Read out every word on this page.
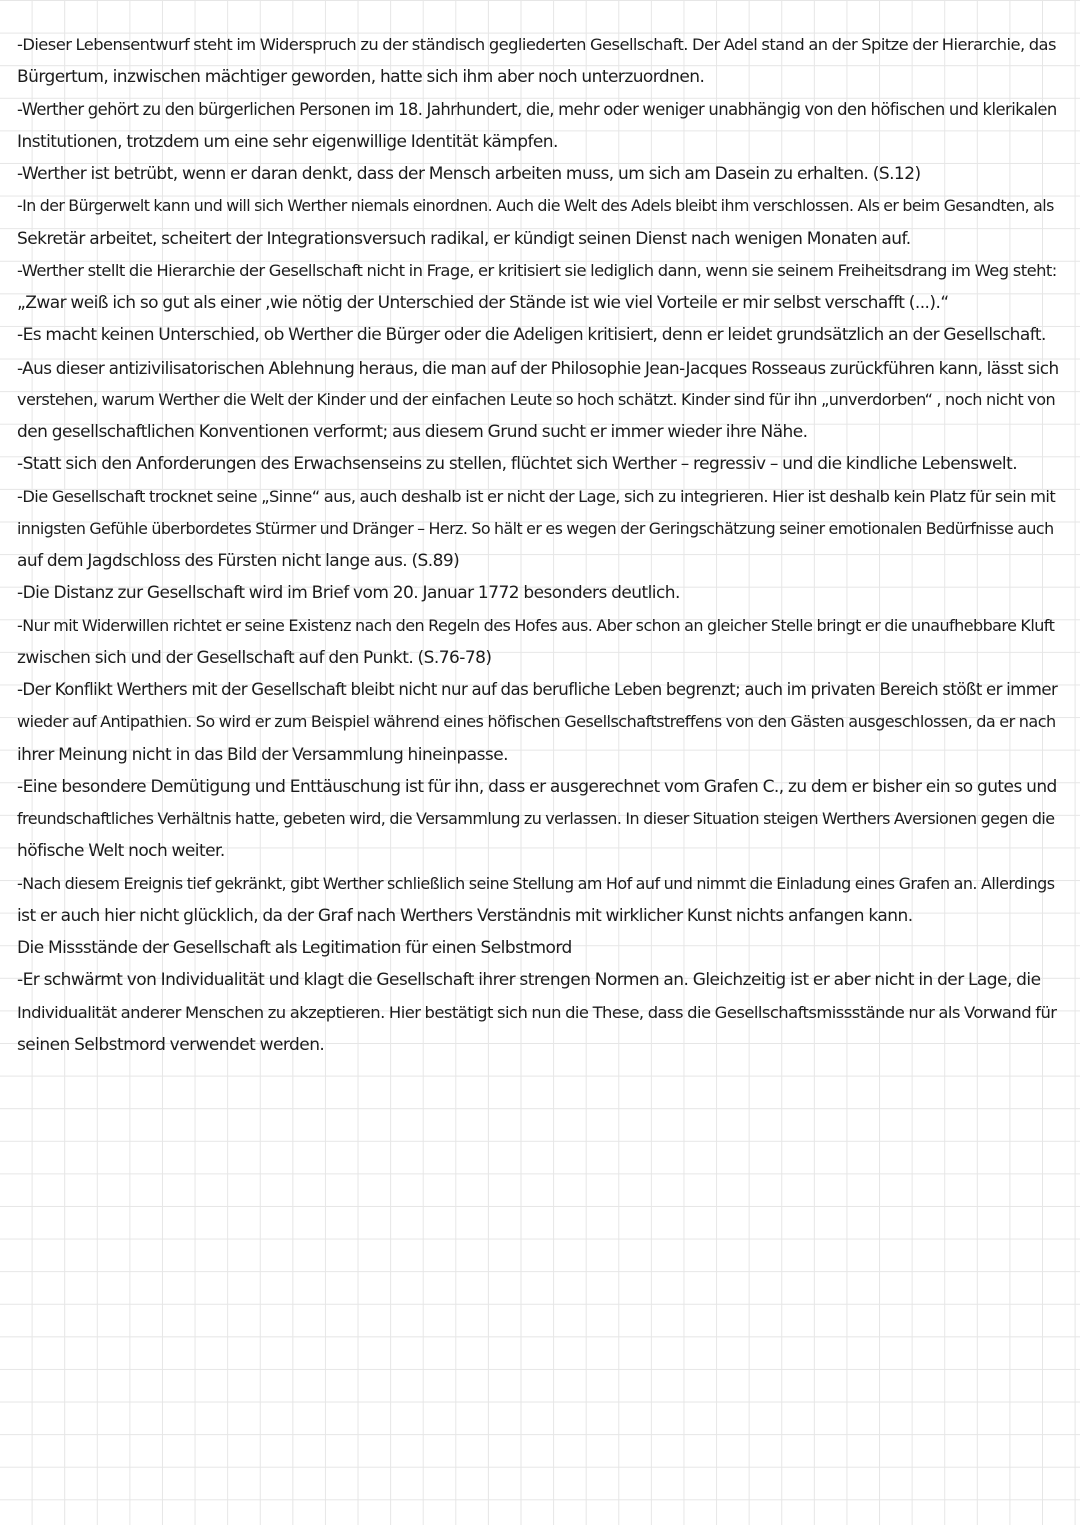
-Dieser Lebensentwurf steht im Widerspruch zu der ständisch gegliederten Gesellschaft. Der Adel stand an der Spitze der Hierarchie, das
Bürgertum, inzwischen mächtiger geworden, hatte sich ihm aber noch unterzuordnen.
-Werther gehört zu den bürgerlichen Personen im 18. Jahrhundert, die, mehr oder weniger unabhängig von den höfischen und klerikalen
Institutionen, trotzdem um eine sehr eigenwillige Identität kämpfen.
-Werther ist betrübt, wenn er daran denkt, dass der Mensch arbeiten muss, um sich am Dasein zu erhalten. (S.12)
-In der Bürgerwelt kann und will sich Werther niemals einordnen. Auch die Welt des Adels bleibt ihm verschlossen. Als er beim Gesandten, als
Sekretär arbeitet, scheitert der Integrationsversuch radikal, er kündigt seinen Dienst nach wenigen Monaten auf.
-Werther stellt die Hierarchie der Gesellschaft nicht in Frage, er kritisiert sie lediglich dann, wenn sie seinem Freiheitsdrang im Weg steht:
„Zwar weiß ich so gut als einer ‚wie nötig der Unterschied der Stände ist wie viel Vorteile er mir selbst verschafft (...).“
-Es macht keinen Unterschied, ob Werther die Bürger oder die Adeligen kritisiert, denn er leidet grundsätzlich an der Gesellschaft.
-Aus dieser antizivilisatorischen Ablehnung heraus, die man auf der Philosophie Jean-Jacques Rosseaus zurückführen kann, lässt sich
verstehen, warum Werther die Welt der Kinder und der einfachen Leute so hoch schätzt. Kinder sind für ihn „unverdorben“ , noch nicht von
den gesellschaftlichen Konventionen verformt; aus diesem Grund sucht er immer wieder ihre Nähe.
-Statt sich den Anforderungen des Erwachsenseins zu stellen, flüchtet sich Werther – regressiv – und die kindliche Lebenswelt.
-Die Gesellschaft trocknet seine „Sinne“ aus, auch deshalb ist er nicht der Lage, sich zu integrieren. Hier ist deshalb kein Platz für sein mit
innigsten Gefühle überbordetes Stürmer und Dränger – Herz. So hält er es wegen der Geringschätzung seiner emotionalen Bedürfnisse auch
auf dem Jagdschloss des Fürsten nicht lange aus. (S.89)
-Die Distanz zur Gesellschaft wird im Brief vom 20. Januar 1772 besonders deutlich.
-Nur mit Widerwillen richtet er seine Existenz nach den Regeln des Hofes aus. Aber schon an gleicher Stelle bringt er die unaufhebbare Kluft
zwischen sich und der Gesellschaft auf den Punkt. (S.76-78)
-Der Konflikt Werthers mit der Gesellschaft bleibt nicht nur auf das berufliche Leben begrenzt; auch im privaten Bereich stößt er immer
wieder auf Antipathien. So wird er zum Beispiel während eines höfischen Gesellschaftstreffens von den Gästen ausgeschlossen, da er nach
ihrer Meinung nicht in das Bild der Versammlung hineinpasse.
-Eine besondere Demütigung und Enttäuschung ist für ihn, dass er ausgerechnet vom Grafen C., zu dem er bisher ein so gutes und
freundschaftliches Verhältnis hatte, gebeten wird, die Versammlung zu verlassen. In dieser Situation steigen Werthers Aversionen gegen die
höfische Welt noch weiter.
-Nach diesem Ereignis tief gekränkt, gibt Werther schließlich seine Stellung am Hof auf und nimmt die Einladung eines Grafen an. Allerdings
ist er auch hier nicht glücklich, da der Graf nach Werthers Verständnis mit wirklicher Kunst nichts anfangen kann.
Die Missstände der Gesellschaft als Legitimation für einen Selbstmord
-Er schwärmt von Individualität und klagt die Gesellschaft ihrer strengen Normen an. Gleichzeitig ist er aber nicht in der Lage, die
Individualität anderer Menschen zu akzeptieren. Hier bestätigt sich nun die These, dass die Gesellschaftsmissstände nur als Vorwand für
seinen Selbstmord verwendet werden.
